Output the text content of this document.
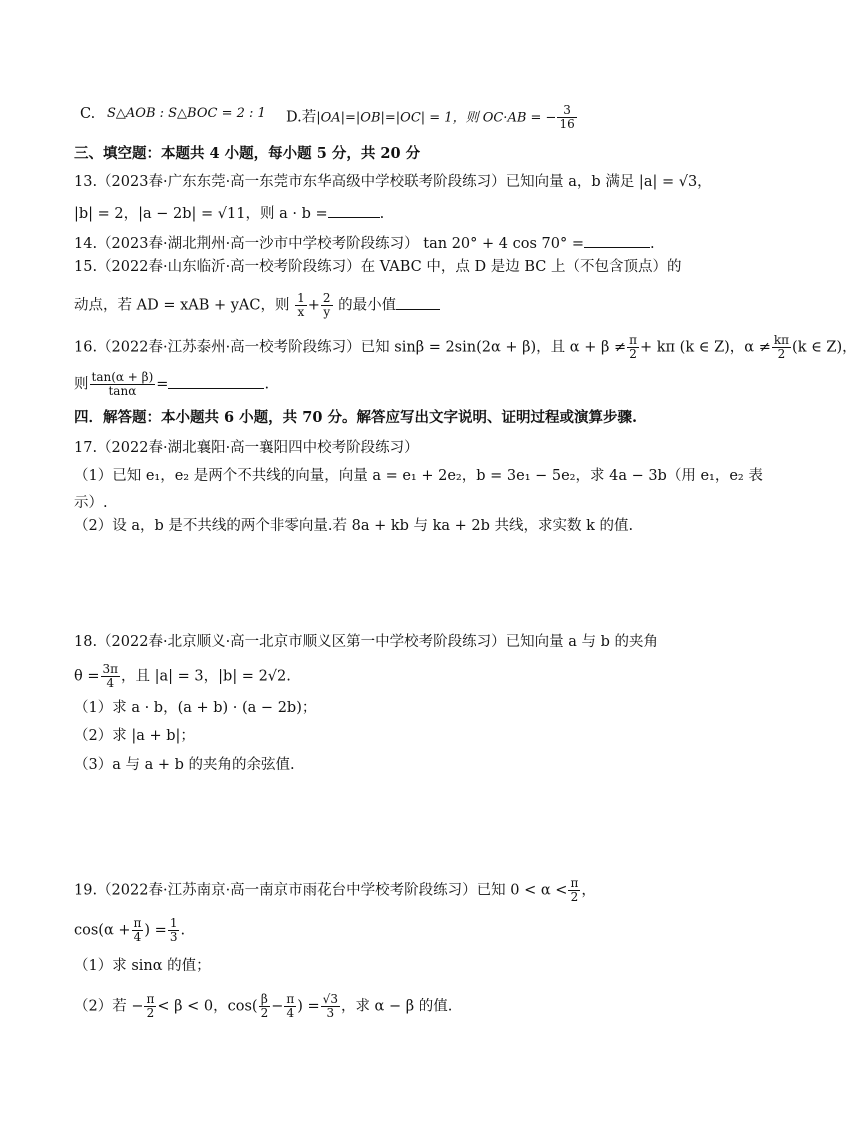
C. S△AOB : S△BOC = 2 : 1 D.若|OA|=|OB|=|OC| = 1，则 OC·AB = − $\frac{3}{16}$
三、填空题：本题共 4 小题，每小题 5 分，共 20 分
13.（2023春·广东东莞·高一东莞市东华高级中学校联考阶段练习）已知向量 a，b 满足 |a| = √3，
|b| = 2，|a − 2b| = √11，则 a · b =	.
14.（2023春·湖北荆州·高一沙市中学校考阶段练习） tan 20° + 4 cos 70° =	.
15.（2022春·山东临沂·高一校考阶段练习）在 VABC 中，点 D 是边 BC 上（不包含顶点）的
动点，若 AD = xAB + yAC，则 $\frac{1}{x} + \frac{2}{y}$ 的最小值
16.（2022春·江苏泰州·高一校考阶段练习）已知 sinβ = 2sin(2α + β)，且 $\alpha + \beta \ne \frac{\pi}{2} + k\pi$ (k ∈ Z)，$\alpha \ne \frac{k\pi}{2} (k$ ∈ Z)，
则 $\frac{\tan(\alpha + \beta)}{\tan\alpha}$ =	.
四．解答题：本小题共 6 小题，共 70 分。解答应写出文字说明、证明过程或演算步骤.
17.（2022春·湖北襄阳·高一襄阳四中校考阶段练习）
（1）已知 e₁，e₂ 是两个不共线的向量，向量 a = e₁ + 2e₂，b = 3e₁ − 5e₂，求 4a − 3b（用 e₁，e₂ 表
示）.
（2）设 a，b 是不共线的两个非零向量.若 8a + kb 与 ka + 2b 共线，求实数 k 的值.
18.（2022春·北京顺义·高一北京市顺义区第一中学校考阶段练习）已知向量 a 与 b 的夹角
$\theta = \frac{3\pi}{4}$ ，且 |a| = 3，|b| = 2√2.
（1）求 a · b，(a + b) · (a − 2b)；
（2）求 |a + b|；
（3）a 与 a + b 的夹角的余弦值.
19.（2022春·江苏南京·高一南京市雨花台中学校考阶段练习）已知 $0 < \alpha < \frac{\pi}{2}$ ，
$\cos(\alpha + \frac{\pi}{4}$ ) = $\frac{1}{3}$ .
（1）求 sinα 的值；
（2）若 − $\frac{\pi}{2} < \beta < 0$，$\cos( \frac{\beta}{2} - \frac{\pi}{4}$ ) = $\frac{√3}{3}$ ，求 α − β 的值.
